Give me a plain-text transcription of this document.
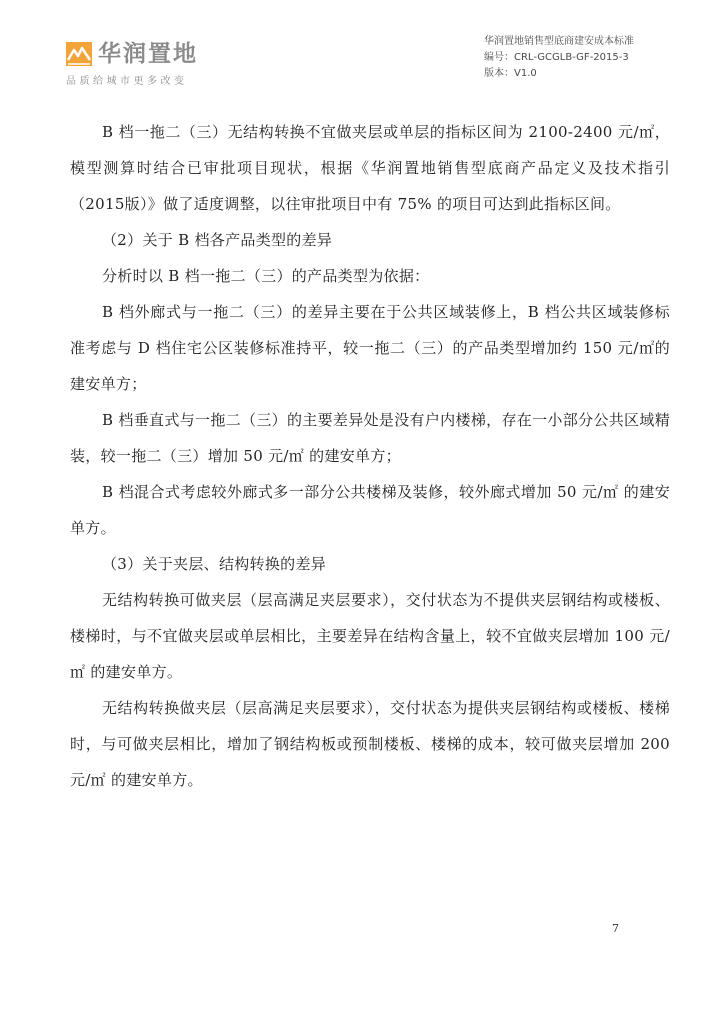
华润置地
品质给城市更多改变
华润置地销售型底商建安成本标准
编号：CRL-GCGLB-GF-2015-3
版本：V1.0

B 档一拖二（三）无结构转换不宜做夹层或单层的指标区间为 2100-2400 元/㎡，模型测算时结合已审批项目现状，根据《华润置地销售型底商产品定义及技术指引（2015版）》做了适度调整，以往审批项目中有 75% 的项目可达到此指标区间。

（2）关于 B 档各产品类型的差异

分析时以 B 档一拖二（三）的产品类型为依据：

B 档外廊式与一拖二（三）的差异主要在于公共区域装修上，B 档公共区域装修标准考虑与 D 档住宅公区装修标准持平，较一拖二（三）的产品类型增加约 150 元/㎡的建安单方；

B 档垂直式与一拖二（三）的主要差异处是没有户内楼梯，存在一小部分公共区域精装，较一拖二（三）增加 50 元/㎡ 的建安单方；

B 档混合式考虑较外廊式多一部分公共楼梯及装修，较外廊式增加 50 元/㎡ 的建安单方。

（3）关于夹层、结构转换的差异

无结构转换可做夹层（层高满足夹层要求），交付状态为不提供夹层钢结构或楼板、楼梯时，与不宜做夹层或单层相比，主要差异在结构含量上，较不宜做夹层增加 100 元/㎡ 的建安单方。

无结构转换做夹层（层高满足夹层要求），交付状态为提供夹层钢结构或楼板、楼梯时，与可做夹层相比，增加了钢结构板或预制楼板、楼梯的成本，较可做夹层增加 200 元/㎡ 的建安单方。

7
